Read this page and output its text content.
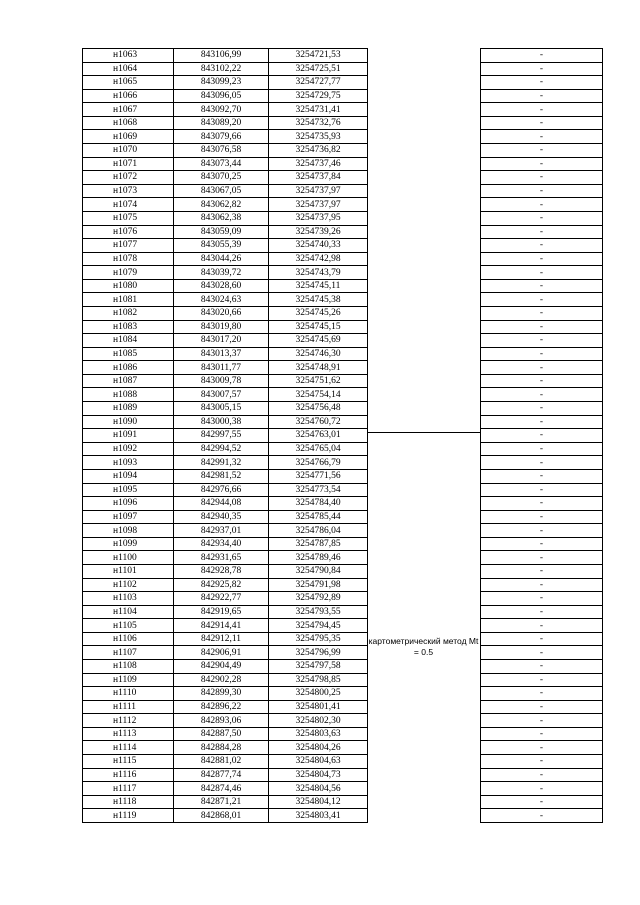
н1063	843106,99	3254721,53		-
н1064	843102,22	3254725,51		-
н1065	843099,23	3254727,77		-
н1066	843096,05	3254729,75		-
н1067	843092,70	3254731,41		-
н1068	843089,20	3254732,76		-
н1069	843079,66	3254735,93		-
н1070	843076,58	3254736,82		-
н1071	843073,44	3254737,46		-
н1072	843070,25	3254737,84		-
н1073	843067,05	3254737,97		-
н1074	843062,82	3254737,97		-
н1075	843062,38	3254737,95		-
н1076	843059,09	3254739,26		-
н1077	843055,39	3254740,33		-
н1078	843044,26	3254742,98		-
н1079	843039,72	3254743,79		-
н1080	843028,60	3254745,11		-
н1081	843024,63	3254745,38		-
н1082	843020,66	3254745,26		-
н1083	843019,80	3254745,15		-
н1084	843017,20	3254745,69		-
н1085	843013,37	3254746,30		-
н1086	843011,77	3254748,91		-
н1087	843009,78	3254751,62		-
н1088	843007,57	3254754,14		-
н1089	843005,15	3254756,48		-
н1090	843000,38	3254760,72		-
н1091	842997,55	3254763,01		-
н1092	842994,52	3254765,04		-
н1093	842991,32	3254766,79		-
н1094	842981,52	3254771,56		-
н1095	842976,66	3254773,54		-
н1096	842944,08	3254784,40		-
н1097	842940,35	3254785,44		-
н1098	842937,01	3254786,04		-
н1099	842934,40	3254787,85		-
н1100	842931,65	3254789,46		-
н1101	842928,78	3254790,84		-
н1102	842925,82	3254791,98		-
н1103	842922,77	3254792,89		-
н1104	842919,65	3254793,55		-
н1105	842914,41	3254794,45		-
н1106	842912,11	3254795,35		-
н1107	842906,91	3254796,99		-
н1108	842904,49	3254797,58		-
н1109	842902,28	3254798,85		-
н1110	842899,30	3254800,25		-
н1111	842896,22	3254801,41		-
н1112	842893,06	3254802,30		-
н1113	842887,50	3254803,63		-
н1114	842884,28	3254804,26		-
н1115	842881,02	3254804,63		-
н1116	842877,74	3254804,73		-
н1117	842874,46	3254804,56		-
н1118	842871,21	3254804,12		-
н1119	842868,01	3254803,41		-
картометрический метод Mt = 0.5
